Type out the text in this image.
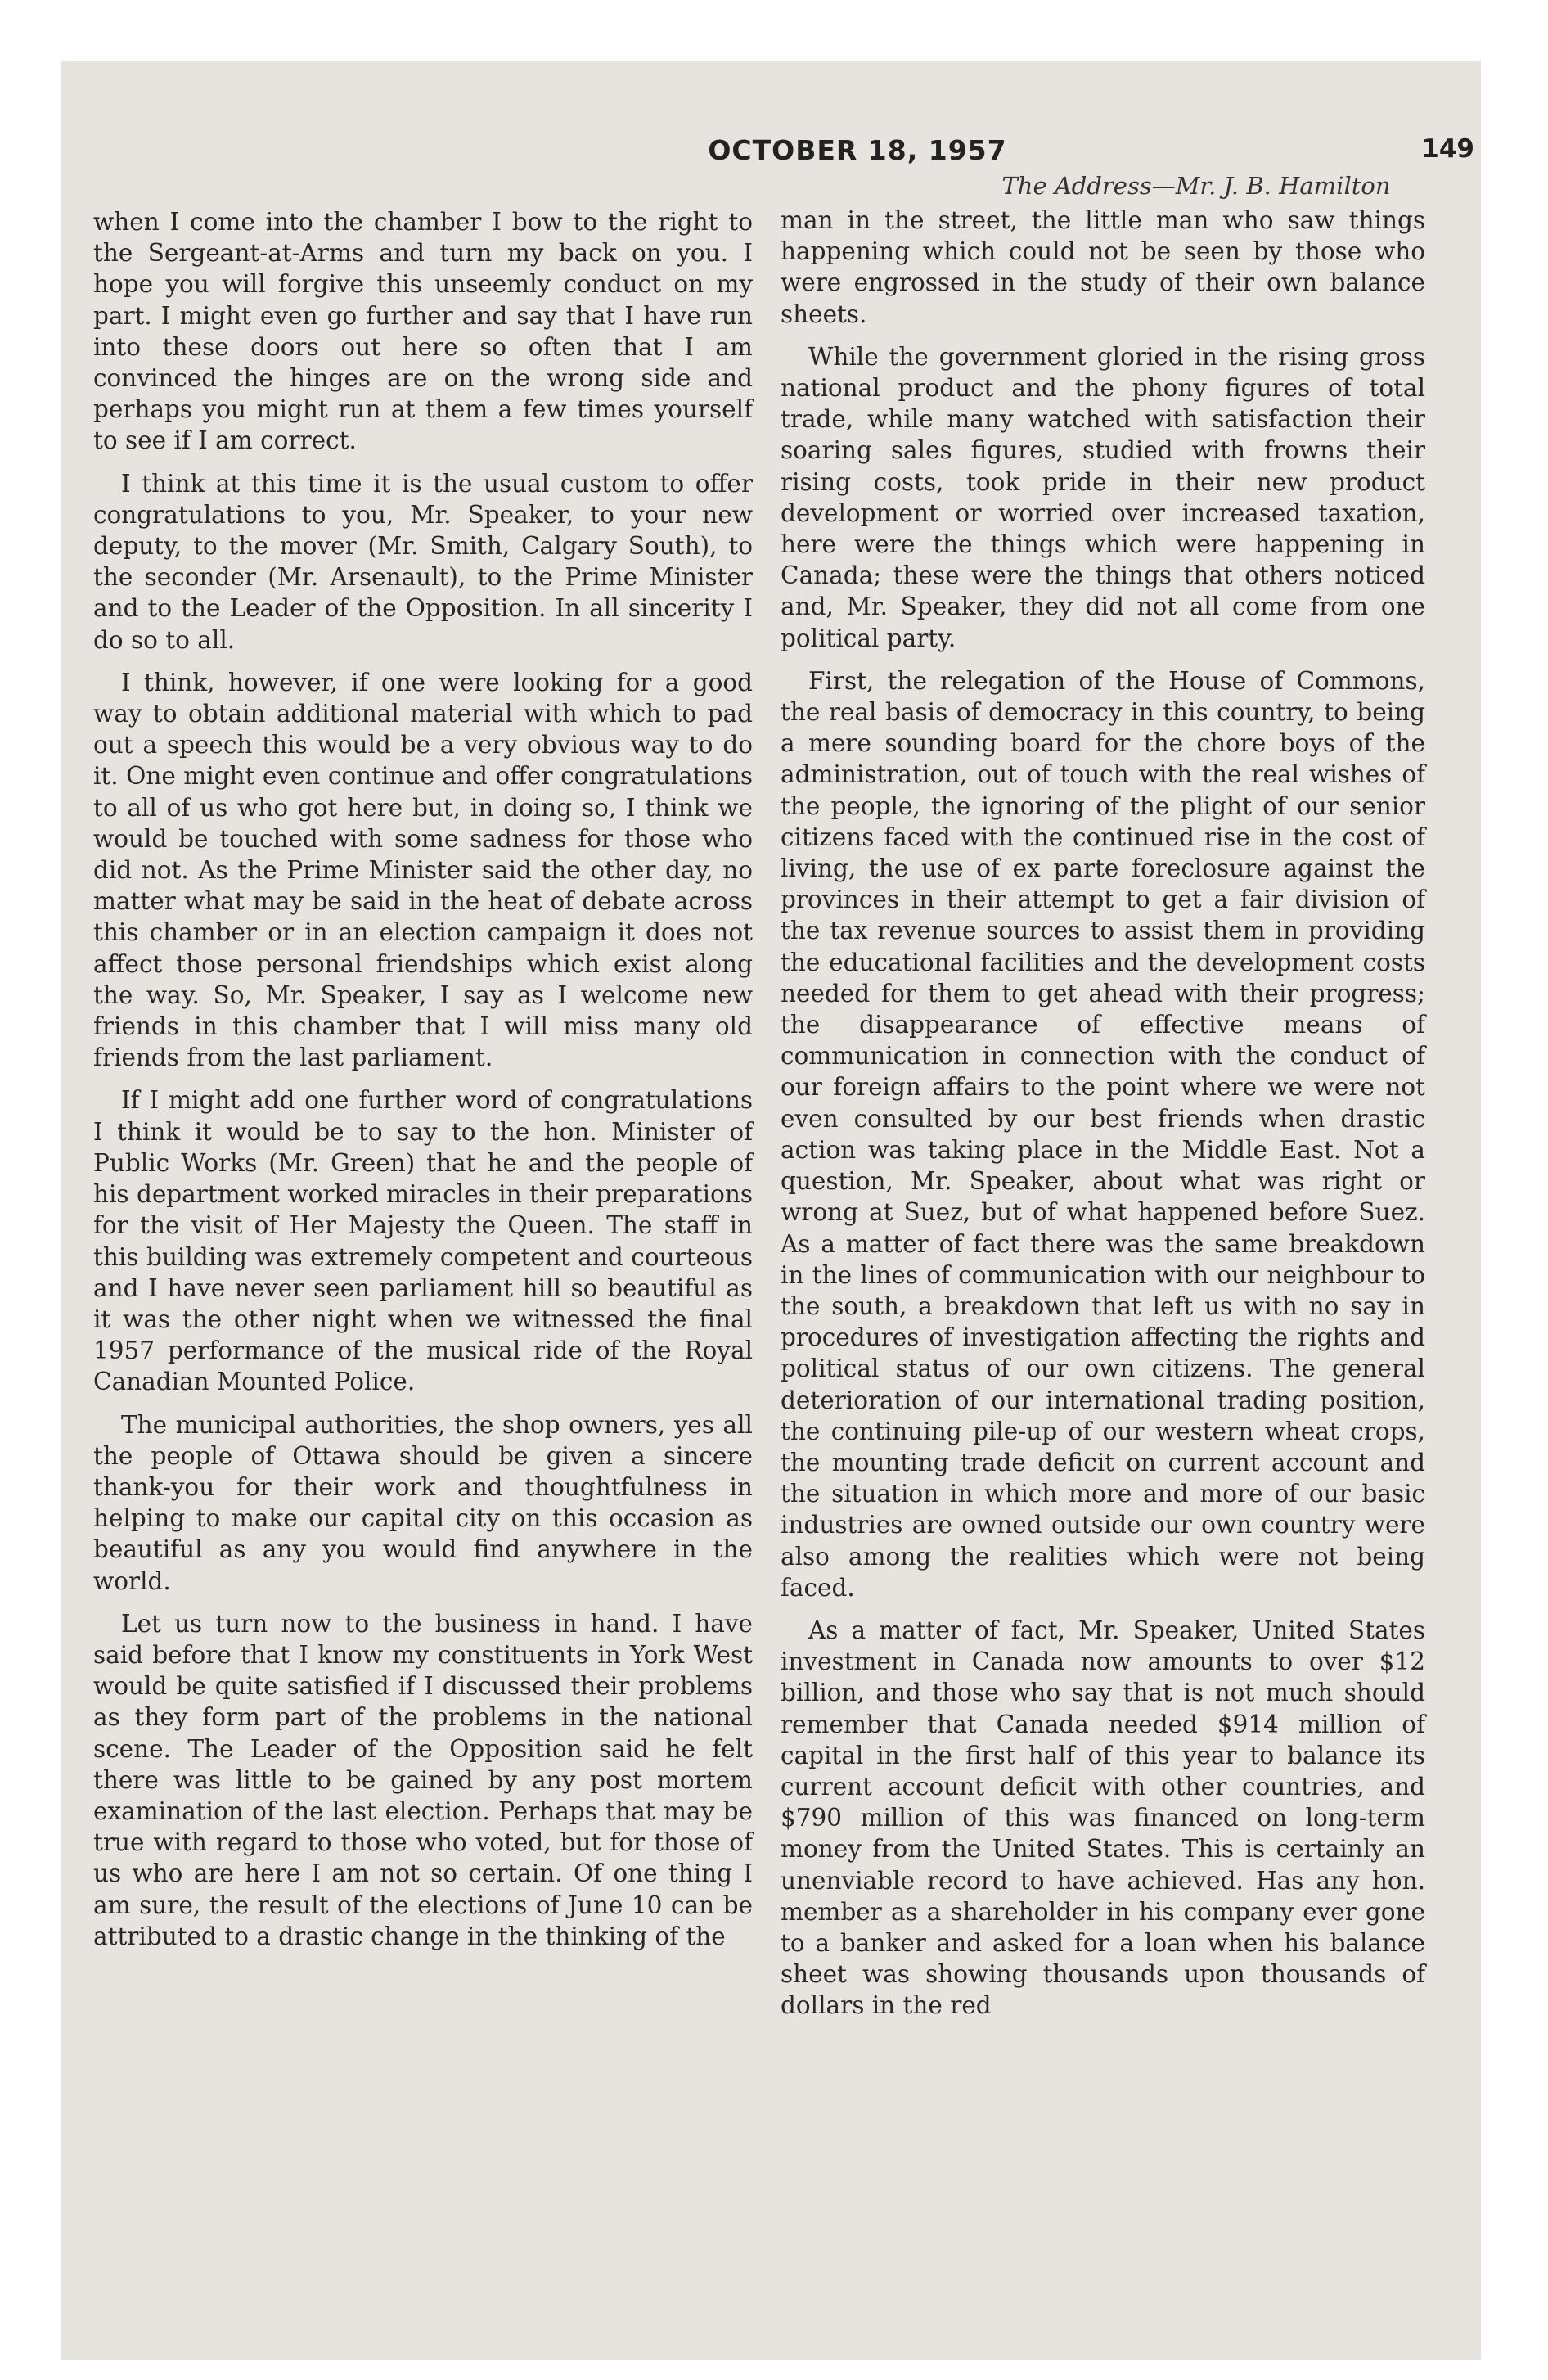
OCTOBER 18, 1957	149
The Address—Mr. J. B. Hamilton

when I come into the chamber I bow to the right to the Sergeant-at-Arms and turn my back on you. I hope you will forgive this unseemly conduct on my part. I might even go further and say that I have run into these doors out here so often that I am convinced the hinges are on the wrong side and perhaps you might run at them a few times yourself to see if I am correct.

I think at this time it is the usual custom to offer congratulations to you, Mr. Speaker, to your new deputy, to the mover (Mr. Smith, Calgary South), to the seconder (Mr. Arsenault), to the Prime Minister and to the Leader of the Opposition. In all sincerity I do so to all.

I think, however, if one were looking for a good way to obtain additional material with which to pad out a speech this would be a very obvious way to do it. One might even continue and offer congratulations to all of us who got here but, in doing so, I think we would be touched with some sadness for those who did not. As the Prime Minister said the other day, no matter what may be said in the heat of debate across this chamber or in an election campaign it does not affect those personal friendships which exist along the way. So, Mr. Speaker, I say as I welcome new friends in this chamber that I will miss many old friends from the last parliament.

If I might add one further word of congratulations I think it would be to say to the hon. Minister of Public Works (Mr. Green) that he and the people of his department worked miracles in their preparations for the visit of Her Majesty the Queen. The staff in this building was extremely competent and courteous and I have never seen parliament hill so beautiful as it was the other night when we witnessed the final 1957 performance of the musical ride of the Royal Canadian Mounted Police.

The municipal authorities, the shop owners, yes all the people of Ottawa should be given a sincere thank-you for their work and thoughtfulness in helping to make our capital city on this occasion as beautiful as any you would find anywhere in the world.

Let us turn now to the business in hand. I have said before that I know my constituents in York West would be quite satisfied if I discussed their problems as they form part of the problems in the national scene. The Leader of the Opposition said he felt there was little to be gained by any post mortem examination of the last election. Perhaps that may be true with regard to those who voted, but for those of us who are here I am not so certain. Of one thing I am sure, the result of the elections of June 10 can be attributed to a drastic change in the thinking of the

man in the street, the little man who saw things happening which could not be seen by those who were engrossed in the study of their own balance sheets.

While the government gloried in the rising gross national product and the phony figures of total trade, while many watched with satisfaction their soaring sales figures, studied with frowns their rising costs, took pride in their new product development or worried over increased taxation, here were the things which were happening in Canada; these were the things that others noticed and, Mr. Speaker, they did not all come from one political party.

First, the relegation of the House of Commons, the real basis of democracy in this country, to being a mere sounding board for the chore boys of the administration, out of touch with the real wishes of the people, the ignoring of the plight of our senior citizens faced with the continued rise in the cost of living, the use of ex parte foreclosure against the provinces in their attempt to get a fair division of the tax revenue sources to assist them in providing the educational facilities and the development costs needed for them to get ahead with their progress; the disappearance of effective means of communication in connection with the conduct of our foreign affairs to the point where we were not even consulted by our best friends when drastic action was taking place in the Middle East. Not a question, Mr. Speaker, about what was right or wrong at Suez, but of what happened before Suez. As a matter of fact there was the same breakdown in the lines of communication with our neighbour to the south, a breakdown that left us with no say in procedures of investigation affecting the rights and political status of our own citizens. The general deterioration of our international trading position, the continuing pile-up of our western wheat crops, the mounting trade deficit on current account and the situation in which more and more of our basic industries are owned outside our own country were also among the realities which were not being faced.

As a matter of fact, Mr. Speaker, United States investment in Canada now amounts to over $12 billion, and those who say that is not much should remember that Canada needed $914 million of capital in the first half of this year to balance its current account deficit with other countries, and $790 million of this was financed on long-term money from the United States. This is certainly an unenviable record to have achieved. Has any hon. member as a shareholder in his company ever gone to a banker and asked for a loan when his balance sheet was showing thousands upon thousands of dollars in the red
